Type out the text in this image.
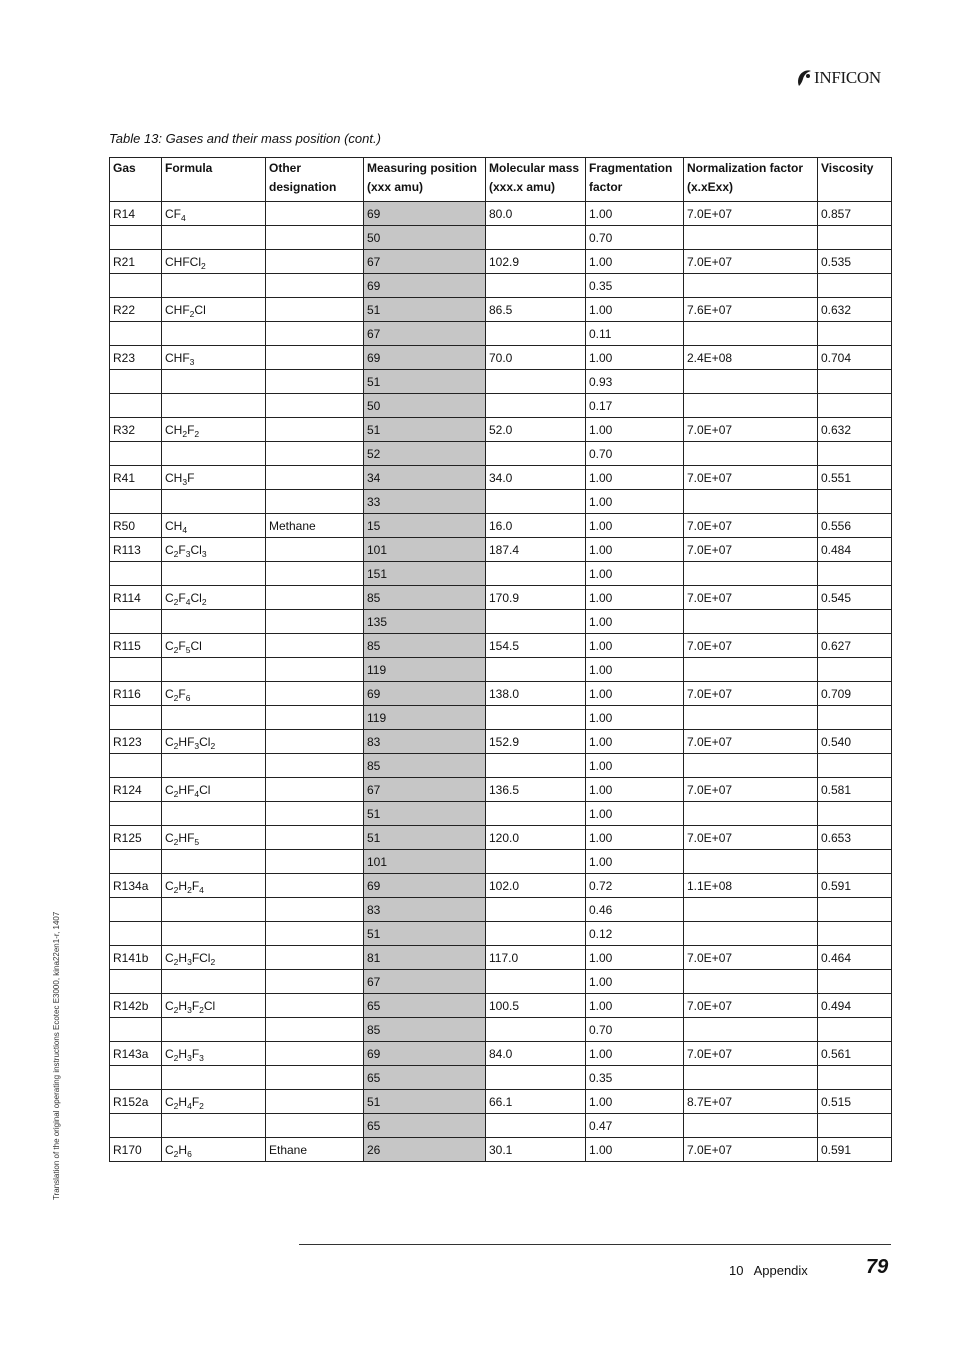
INFICON
Table 13: Gases and their mass position (cont.)
Gas	Formula	Other designation	Measuring position (xxx amu)	Molecular mass (xxx.x amu)	Fragmentation factor	Normalization factor (x.xExx)	Viscosity
R14	$CF_4$		69	80.0	1.00	7.0E+07	0.857
			50		0.70		
R21	CHFCl$_2$		67	102.9	1.00	7.0E+07	0.535
			69		0.35		
R22	$CHF_2Cl$		51	86.5	1.00	7.6E+07	0.632
			67		0.11		
R23	$CHF_3$		69	70.0	1.00	2.4E+08	0.704
			51		0.93		
			50		0.17		
R32	$CH_2F_2$		51	52.0	1.00	7.0E+07	0.632
			52		0.70		
R41	$CH_3F$		34	34.0	1.00	7.0E+07	0.551
			33		1.00		
R50	$CH_4$	Methane	15	16.0	1.00	7.0E+07	0.556
R113	$C_2F_3Cl_3$		101	187.4	1.00	7.0E+07	0.484
			151		1.00		
R114	$C_2F_4Cl_2$		85	170.9	1.00	7.0E+07	0.545
			135		1.00		
R115	$C_2F_5Cl$		85	154.5	1.00	7.0E+07	0.627
			119		1.00		
R116	$C_2F_6$		69	138.0	1.00	7.0E+07	0.709
			119		1.00		
R123	$C_2HF_3Cl_2$		83	152.9	1.00	7.0E+07	0.540
			85		1.00		
R124	$C_2HF_4Cl$		67	136.5	1.00	7.0E+07	0.581
			51		1.00		
R125	$C_2HF_5$		51	120.0	1.00	7.0E+07	0.653
			101		1.00		
R134a	$C_2H_2F_4$		69	102.0	0.72	1.1E+08	0.591
			83		0.46		
			51		0.12		
R141b	$C_2H_3FCl_2$		81	117.0	1.00	7.0E+07	0.464
			67		1.00		
R142b	$C_2H_3F_2Cl$		65	100.5	1.00	7.0E+07	0.494
			85		0.70		
R143a	$C_2H_3F_3$		69	84.0	1.00	7.0E+07	0.561
			65		0.35		
R152a	$C_2H_4F_2$		51	66.1	1.00	8.7E+07	0.515
			65		0.47		
R170	$C_2H_6$	Ethane	26	30.1	1.00	7.0E+07	0.591
Translation of the original operating instructions Ecotec E3000, kina22en1-r, 1407
10   Appendix	79
